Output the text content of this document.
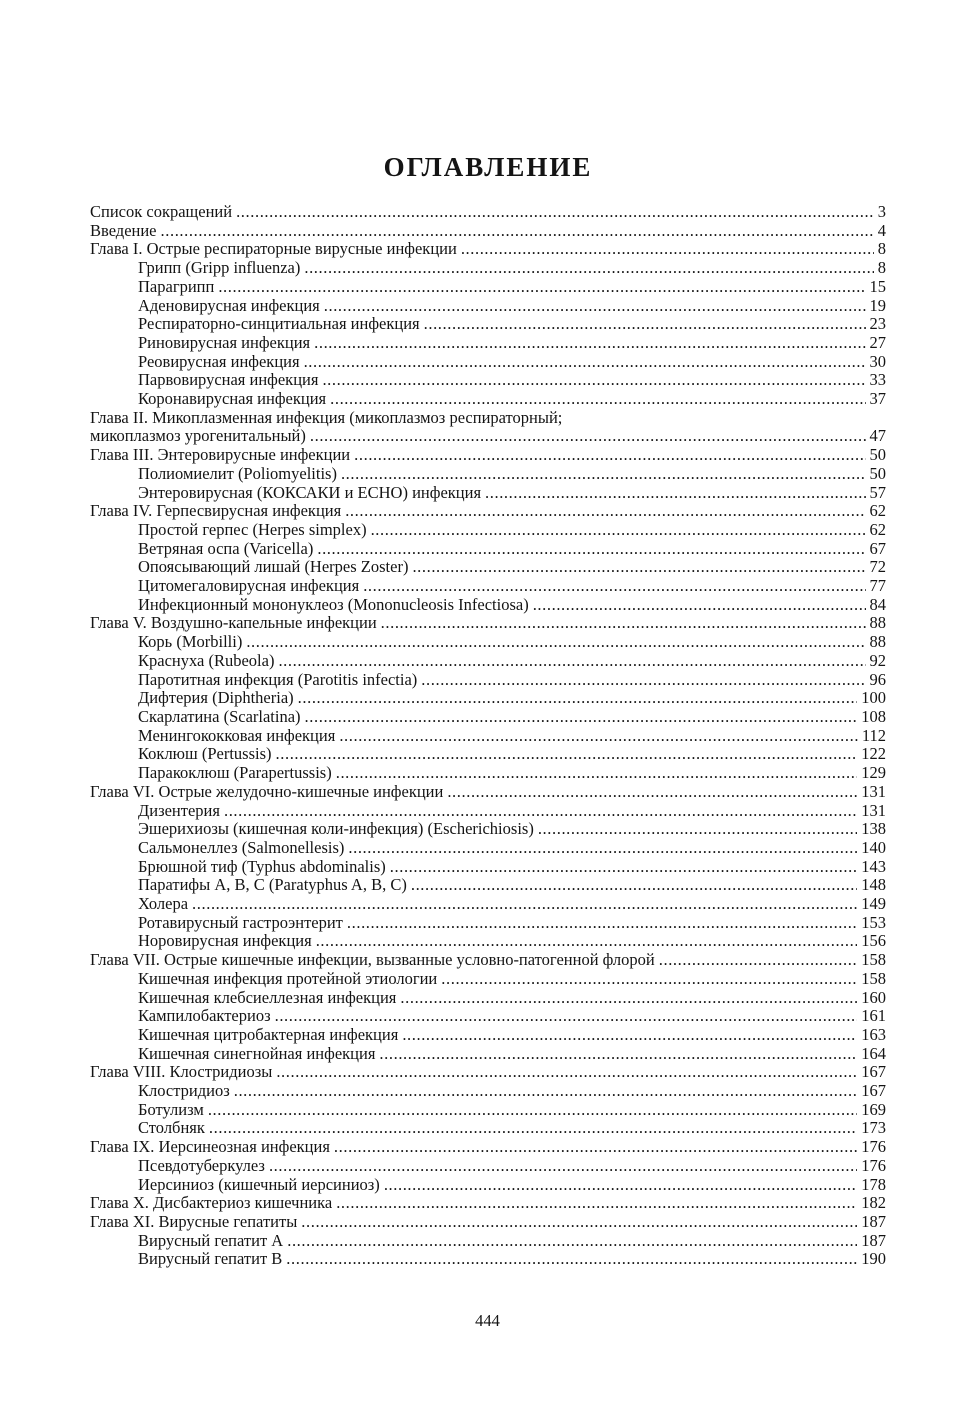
ОГЛАВЛЕНИЕ
Список сокращений .....	3
Введение .....	4
Глава I. Острые респираторные вирусные инфекции .....	8
Грипп (Gripp influenza) .....	8
Парагрипп .....	15
Аденовирусная инфекция .....	19
Респираторно-синцитиальная инфекция .....	23
Риновирусная инфекция .....	27
Реовирусная инфекция .....	30
Парвовирусная инфекция .....	33
Коронавирусная инфекция .....	37
Глава II. Микоплазменная инфекция (микоплазмоз респираторный;
микоплазмоз урогенитальный) .....	47
Глава III. Энтеровирусные инфекции .....	50
Полиомиелит (Poliomyelitis) .....	50
Энтеровирусная (КОКСАКИ и ECHO) инфекция .....	57
Глава IV. Герпесвирусная инфекция .....	62
Простой герпес (Herpes simplex) .....	62
Ветряная оспа (Varicella) .....	67
Опоясывающий лишай (Herpes Zoster) .....	72
Цитомегаловирусная инфекция .....	77
Инфекционный мононуклеоз (Mononucleosis Infectiosa) .....	84
Глава V. Воздушно-капельные инфекции .....	88
Корь (Morbilli) .....	88
Краснуха (Rubeola) .....	92
Паротитная инфекция (Parotitis infectia) .....	96
Дифтерия (Diphtheria) .....	100
Скарлатина (Scarlatina) .....	108
Менингококковая инфекция .....	112
Коклюш (Pertussis) .....	122
Паракоклюш (Parapertussis) .....	129
Глава VI. Острые желудочно-кишечные инфекции .....	131
Дизентерия .....	131
Эшерихиозы (кишечная коли-инфекция) (Escherichiosis) .....	138
Сальмонеллез (Salmonellesis) .....	140
Брюшной тиф (Typhus abdominalis) .....	143
Паратифы А, В, С (Paratyphus A, B, C) .....	148
Холера .....	149
Ротавирусный гастроэнтерит .....	153
Норовирусная инфекция .....	156
Глава VII. Острые кишечные инфекции, вызванные условно-патогенной флорой .....	158
Кишечная инфекция протейной этиологии .....	158
Кишечная клебсиеллезная инфекция .....	160
Кампилобактериоз .....	161
Кишечная цитробактерная инфекция .....	163
Кишечная синегнойная инфекция .....	164
Глава VIII. Клостридиозы .....	167
Клостридиоз .....	167
Ботулизм .....	169
Столбняк .....	173
Глава IX. Иерсинеозная инфекция .....	176
Псевдотуберкулез .....	176
Иерсиниоз (кишечный иерсиниоз) .....	178
Глава X. Дисбактериоз кишечника .....	182
Глава XI. Вирусные гепатиты .....	187
Вирусный гепатит А .....	187
Вирусный гепатит В .....	190
444
